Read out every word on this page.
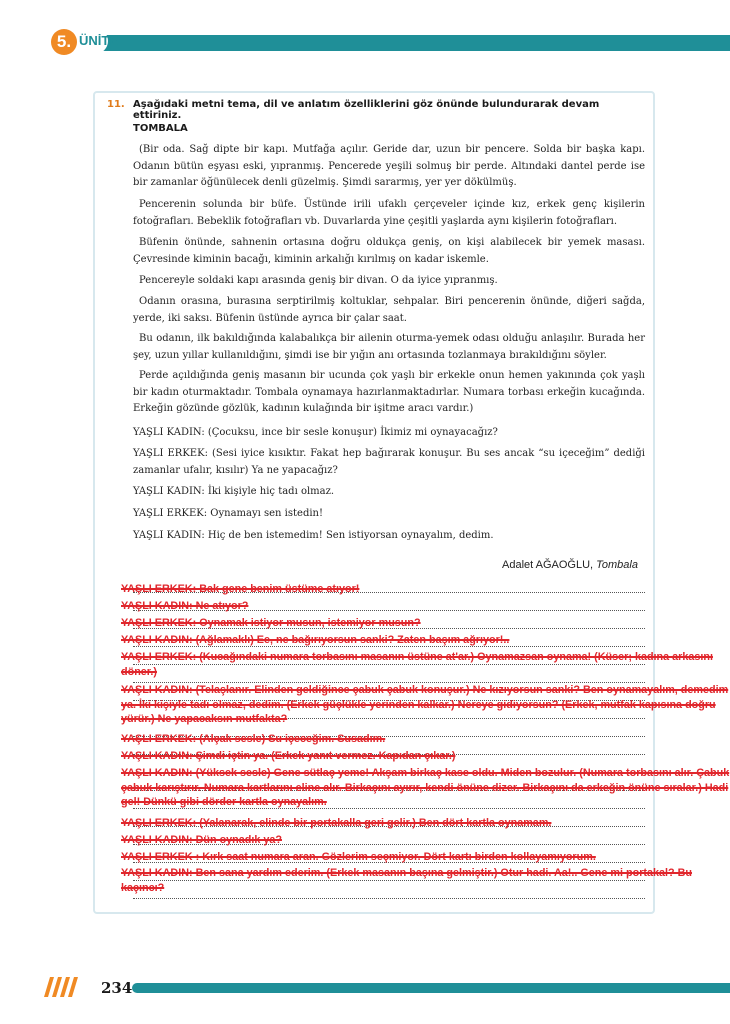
5. ÜNİTE
11. Aşağıdaki metni tema, dil ve anlatım özelliklerini göz önünde bulundurarak devam ettiriniz.
TOMBALA

(Bir oda. Sağ dipte bir kapı. Mutfağa açılır. Geride dar, uzun bir pencere. Solda bir başka kapı. Odanın bütün eşyası eski, yıpranmış. Pencerede yeşili solmuş bir perde. Altındaki dantel perde ise bir zamanlar öğünülecek denli güzelmiş. Şimdi sararmış, yer yer dökülmüş.

Pencerenin solunda bir büfe. Üstünde irili ufaklı çerçeveler içinde kız, erkek genç kişilerin fotoğrafları. Bebeklik fotoğrafları vb. Duvarlarda yine çeşitli yaşlarda aynı kişilerin fotoğrafları.

Büfenin önünde, sahnenin ortasına doğru oldukça geniş, on kişi alabilecek bir yemek masası. Çevresinde kiminin bacağı, kiminin arkalığı kırılmış on kadar iskemle.

Pencereyle soldaki kapı arasında geniş bir divan. O da iyice yıpranmış.

Odanın orasına, burasına serptirilmiş koltuklar, sehpalar. Biri pencerenin önünde, diğeri sağda, yerde, iki saksı. Büfenin üstünde ayrıca bir çalar saat.

Bu odanın, ilk bakıldığında kalabalıkça bir ailenin oturma-yemek odası olduğu anlaşılır. Burada her şey, uzun yıllar kullanıldığını, şimdi ise bir yığın anı ortasında tozlanmaya bırakıldığını söyler.

Perde açıldığında geniş masanın bir ucunda çok yaşlı bir erkekle onun hemen yakınında çok yaşlı bir kadın oturmaktadır. Tombala oynamaya hazırlanmaktadırlar. Numara torbası erkeğin kucağında. Erkeğin gözünde gözlük, kadının kulağında bir işitme aracı vardır.)

YAŞLI KADIN: (Çocuksu, ince bir sesle konuşur) İkimiz mi oynayacağız?

YAŞLI ERKEK: (Sesi iyice kısıktır. Fakat hep bağırarak konuşur. Bu ses ancak “su içeceğim” dediği zamanlar ufalır, kısılır) Ya ne yapacağız?

YAŞLI KADIN: İki kişiyle hiç tadı olmaz.

YAŞLI ERKEK: Oynamayı sen istedin!

YAŞLI KADIN: Hiç de ben istemedim! Sen istiyorsan oynayalım, dedim.

Adalet AĞAOĞLU, Tombala

YAŞLI ERKEK: Bak gene benim üstüme atıyor!

YAŞLI KADIN: Ne atıyor?

YAŞLI ERKEK: Oynamak istiyor musun, istemiyor musun?

YAŞLI KADIN: (Ağlamaklı) Ee, ne bağırıyorsun sanki? Zaten başım ağrıyor!..

YAŞLI ERKEK: (Kucağındaki numara torbasını masanın üstüne at'ar.) Oynamazsan oynama! (Küser; kadına arkasını döner.)

YAŞLI KADIN: (Telaşlanır. Elinden geldiğince çabuk çabuk konuşur.) Ne kızıyorsun sanki? Ben oynamayalım, demedim ya. İki kişiyle tadı olmaz, dedim. (Erkek güçlükle yerinden kalkar.) Nereye gidiyorsun? (Erkek, mutfak kapısına doğru yürür.) Ne yapacaksın mutfakta?

YAŞLI ERKEK: (Alçak sesle) Su içeceğim. Susadım.

YAŞLI KADIN: Şimdi içtin ya. (Erkek yanıt vermez. Kapıdan çıkar.)

YAŞLI KADIN: (Yüksek sesle) Gene sütlaç yeme! Akşam birkaç kase oldu. Miden bozulur. (Numara torbasını alır. Çabuk çabuk karıştırır. Numara kartlarını eline alır. Birkaçını ayırır, kendi önüne dizer. Birkaçını da erkeğin önüne sıralar.) Hadi gel! Dünkü gibi dörder kartla oynayalım.

YAŞLI ERKEK: (Yalanarak, elinde bir portakalla geri gelir.) Ben dört kartla oynamam.

YAŞLI KADIN: Dün oynadık ya?

YAŞLI ERKEK : Kırk saat numara aran. Gözlerim seçmiyor. Dört kartı birden kollayamıyorum.

YAŞLI KADIN: Ben sana yardım ederim. (Erkek masanın başına gelmiştir.) Otur hadi. Aa!.. Gene mi portakal? Bu kaçıncı?

234
